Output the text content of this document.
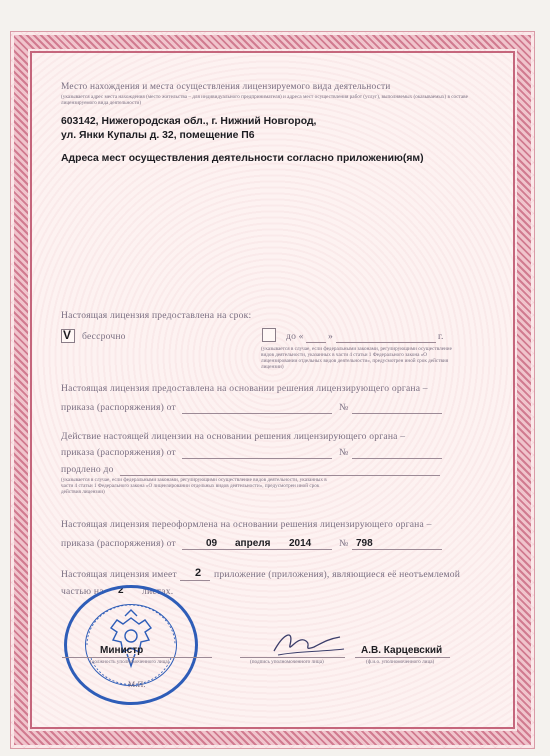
Место нахождения и места осуществления лицензируемого вида деятельности
(указывается адрес места нахождения (место жительства – для индивидуального предпринимателя) и адреса мест осуществления работ (услуг), выполняемых (оказываемых) в составе лицензируемого вида деятельности)
603142, Нижегородская обл., г. Нижний Новгород,
ул. Янки Купалы д. 32, помещение П6
Адреса мест осуществления деятельности согласно приложению(ям)
Настоящая лицензия предоставлена на срок:
V бессрочно	до «	»	г.
(указывается в случае, если федеральными законами, регулирующими осуществление видов деятельности, указанных в части 4 статьи 1 Федерального закона «О лицензировании отдельных видов деятельности», предусмотрен иной срок действия лицензии)
Настоящая лицензия предоставлена на основании решения лицензирующего органа –
приказа (распоряжения) от	№
Действие настоящей лицензии на основании решения лицензирующего органа –
приказа (распоряжения) от	№
продлено до
(указывается в случае, если федеральными законами, регулирующими осуществление видов деятельности, указанных в части 4 статьи 1 Федерального закона «О лицензировании отдельных видов деятельности», предусмотрен иной срок действия лицензии)
Настоящая лицензия переоформлена на основании решения лицензирующего органа –
приказа (распоряжения) от	09 апреля 2014	№ 798
Настоящая лицензия имеет 2 приложение (приложения), являющиеся её неотъемлемой
частью на 2 листах.
Министр
(должность уполномоченного лица)
М.П.
(подпись уполномоченного лица)
А.В. Карцевский
(ф.и.о. уполномоченного лица)
